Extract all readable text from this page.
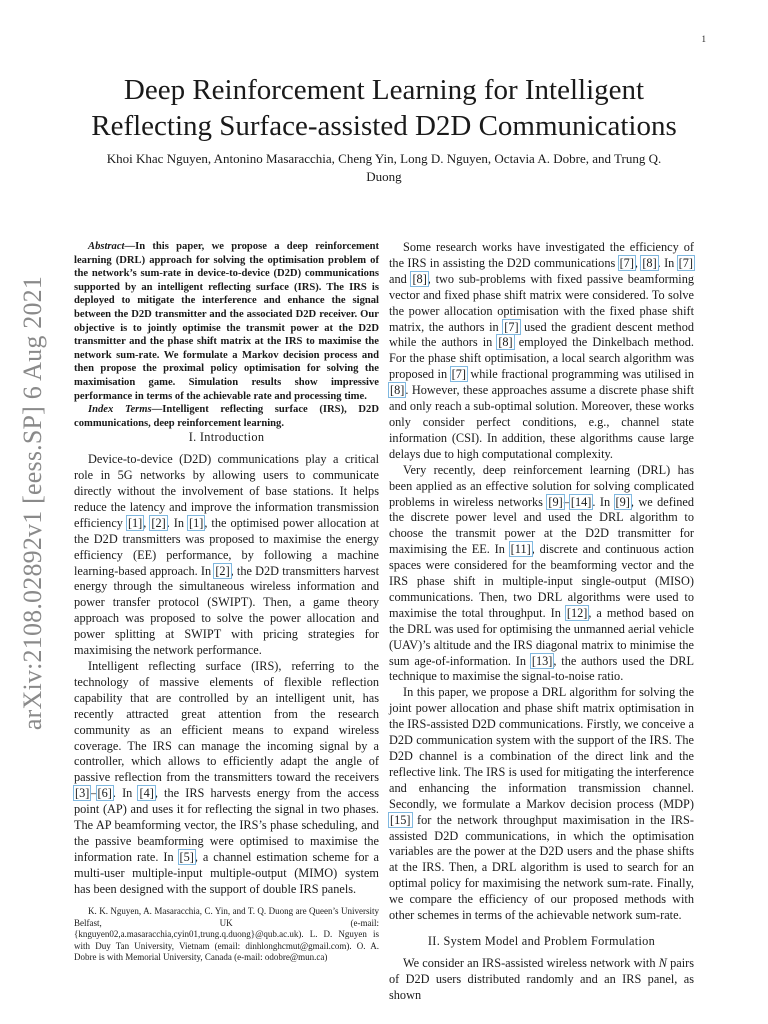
1
arXiv:2108.02892v1 [eess.SP] 6 Aug 2021
Deep Reinforcement Learning for Intelligent
Reflecting Surface-assisted D2D Communications

Khoi Khac Nguyen, Antonino Masaracchia, Cheng Yin, Long D. Nguyen, Octavia A. Dobre, and Trung Q.
Duong

Abstract—In this paper, we propose a deep reinforcement learning (DRL) approach for solving the optimisation problem of the network’s sum-rate in device-to-device (D2D) communications supported by an intelligent reflecting surface (IRS). The IRS is deployed to mitigate the interference and enhance the signal between the D2D transmitter and the associated D2D receiver. Our objective is to jointly optimise the transmit power at the D2D transmitter and the phase shift matrix at the IRS to maximise the network sum-rate. We formulate a Markov decision process and then propose the proximal policy optimisation for solving the maximisation game. Simulation results show impressive performance in terms of the achievable rate and processing time.

Index Terms—Intelligent reflecting surface (IRS), D2D communications, deep reinforcement learning.

I. Introduction

Device-to-device (D2D) communications play a critical role in 5G networks by allowing users to communicate directly without the involvement of base stations. It helps reduce the latency and improve the information transmission efficiency [1], [2]. In [1], the optimised power allocation at the D2D transmitters was proposed to maximise the energy efficiency (EE) performance, by following a machine learning-based approach. In [2], the D2D transmitters harvest energy through the simultaneous wireless information and power transfer protocol (SWIPT). Then, a game theory approach was proposed to solve the power allocation and power splitting at SWIPT with pricing strategies for maximising the network performance.

Intelligent reflecting surface (IRS), referring to the technology of massive elements of flexible reflection capability that are controlled by an intelligent unit, has recently attracted great attention from the research community as an efficient means to expand wireless coverage. The IRS can manage the incoming signal by a controller, which allows to efficiently adapt the angle of passive reflection from the transmitters toward the receivers [3]–[6]. In [4], the IRS harvests energy from the access point (AP) and uses it for reflecting the signal in two phases. The AP beamforming vector, the IRS’s phase scheduling, and the passive beamforming were optimised to maximise the information rate. In [5], a channel estimation scheme for a multi-user multiple-input multiple-output (MIMO) system has been designed with the support of double IRS panels.

K. K. Nguyen, A. Masaracchia, C. Yin, and T. Q. Duong are Queen’s University Belfast, UK (e-mail: {knguyen02,a.masaracchia,cyin01,trung.q.duong}@qub.ac.uk). L. D. Nguyen is with Duy Tan University, Vietnam (email: dinhlonghcmut@gmail.com). O. A. Dobre is with Memorial University, Canada (e-mail: odobre@mun.ca)

Some research works have investigated the efficiency of the IRS in assisting the D2D communications [7], [8]. In [7] and [8], two sub-problems with fixed passive beamforming vector and fixed phase shift matrix were considered. To solve the power allocation optimisation with the fixed phase shift matrix, the authors in [7] used the gradient descent method while the authors in [8] employed the Dinkelbach method. For the phase shift optimisation, a local search algorithm was proposed in [7] while fractional programming was utilised in [8]. However, these approaches assume a discrete phase shift and only reach a sub-optimal solution. Moreover, these works only consider perfect conditions, e.g., channel state information (CSI). In addition, these algorithms cause large delays due to high computational complexity.

Very recently, deep reinforcement learning (DRL) has been applied as an effective solution for solving complicated problems in wireless networks [9]–[14]. In [9], we defined the discrete power level and used the DRL algorithm to choose the transmit power at the D2D transmitter for maximising the EE. In [11], discrete and continuous action spaces were considered for the beamforming vector and the IRS phase shift in multiple-input single-output (MISO) communications. Then, two DRL algorithms were used to maximise the total throughput. In [12], a method based on the DRL was used for optimising the unmanned aerial vehicle (UAV)’s altitude and the IRS diagonal matrix to minimise the sum age-of-information. In [13], the authors used the DRL technique to maximise the signal-to-noise ratio.

In this paper, we propose a DRL algorithm for solving the joint power allocation and phase shift matrix optimisation in the IRS-assisted D2D communications. Firstly, we conceive a D2D communication system with the support of the IRS. The D2D channel is a combination of the direct link and the reflective link. The IRS is used for mitigating the interference and enhancing the information transmission channel. Secondly, we formulate a Markov decision process (MDP) [15] for the network throughput maximisation in the IRS-assisted D2D communications, in which the optimisation variables are the power at the D2D users and the phase shifts at the IRS. Then, a DRL algorithm is used to search for an optimal policy for maximising the network sum-rate. Finally, we compare the efficiency of our proposed methods with other schemes in terms of the achievable network sum-rate.

II. System Model and Problem Formulation

We consider an IRS-assisted wireless network with N pairs of D2D users distributed randomly and an IRS panel, as shown
